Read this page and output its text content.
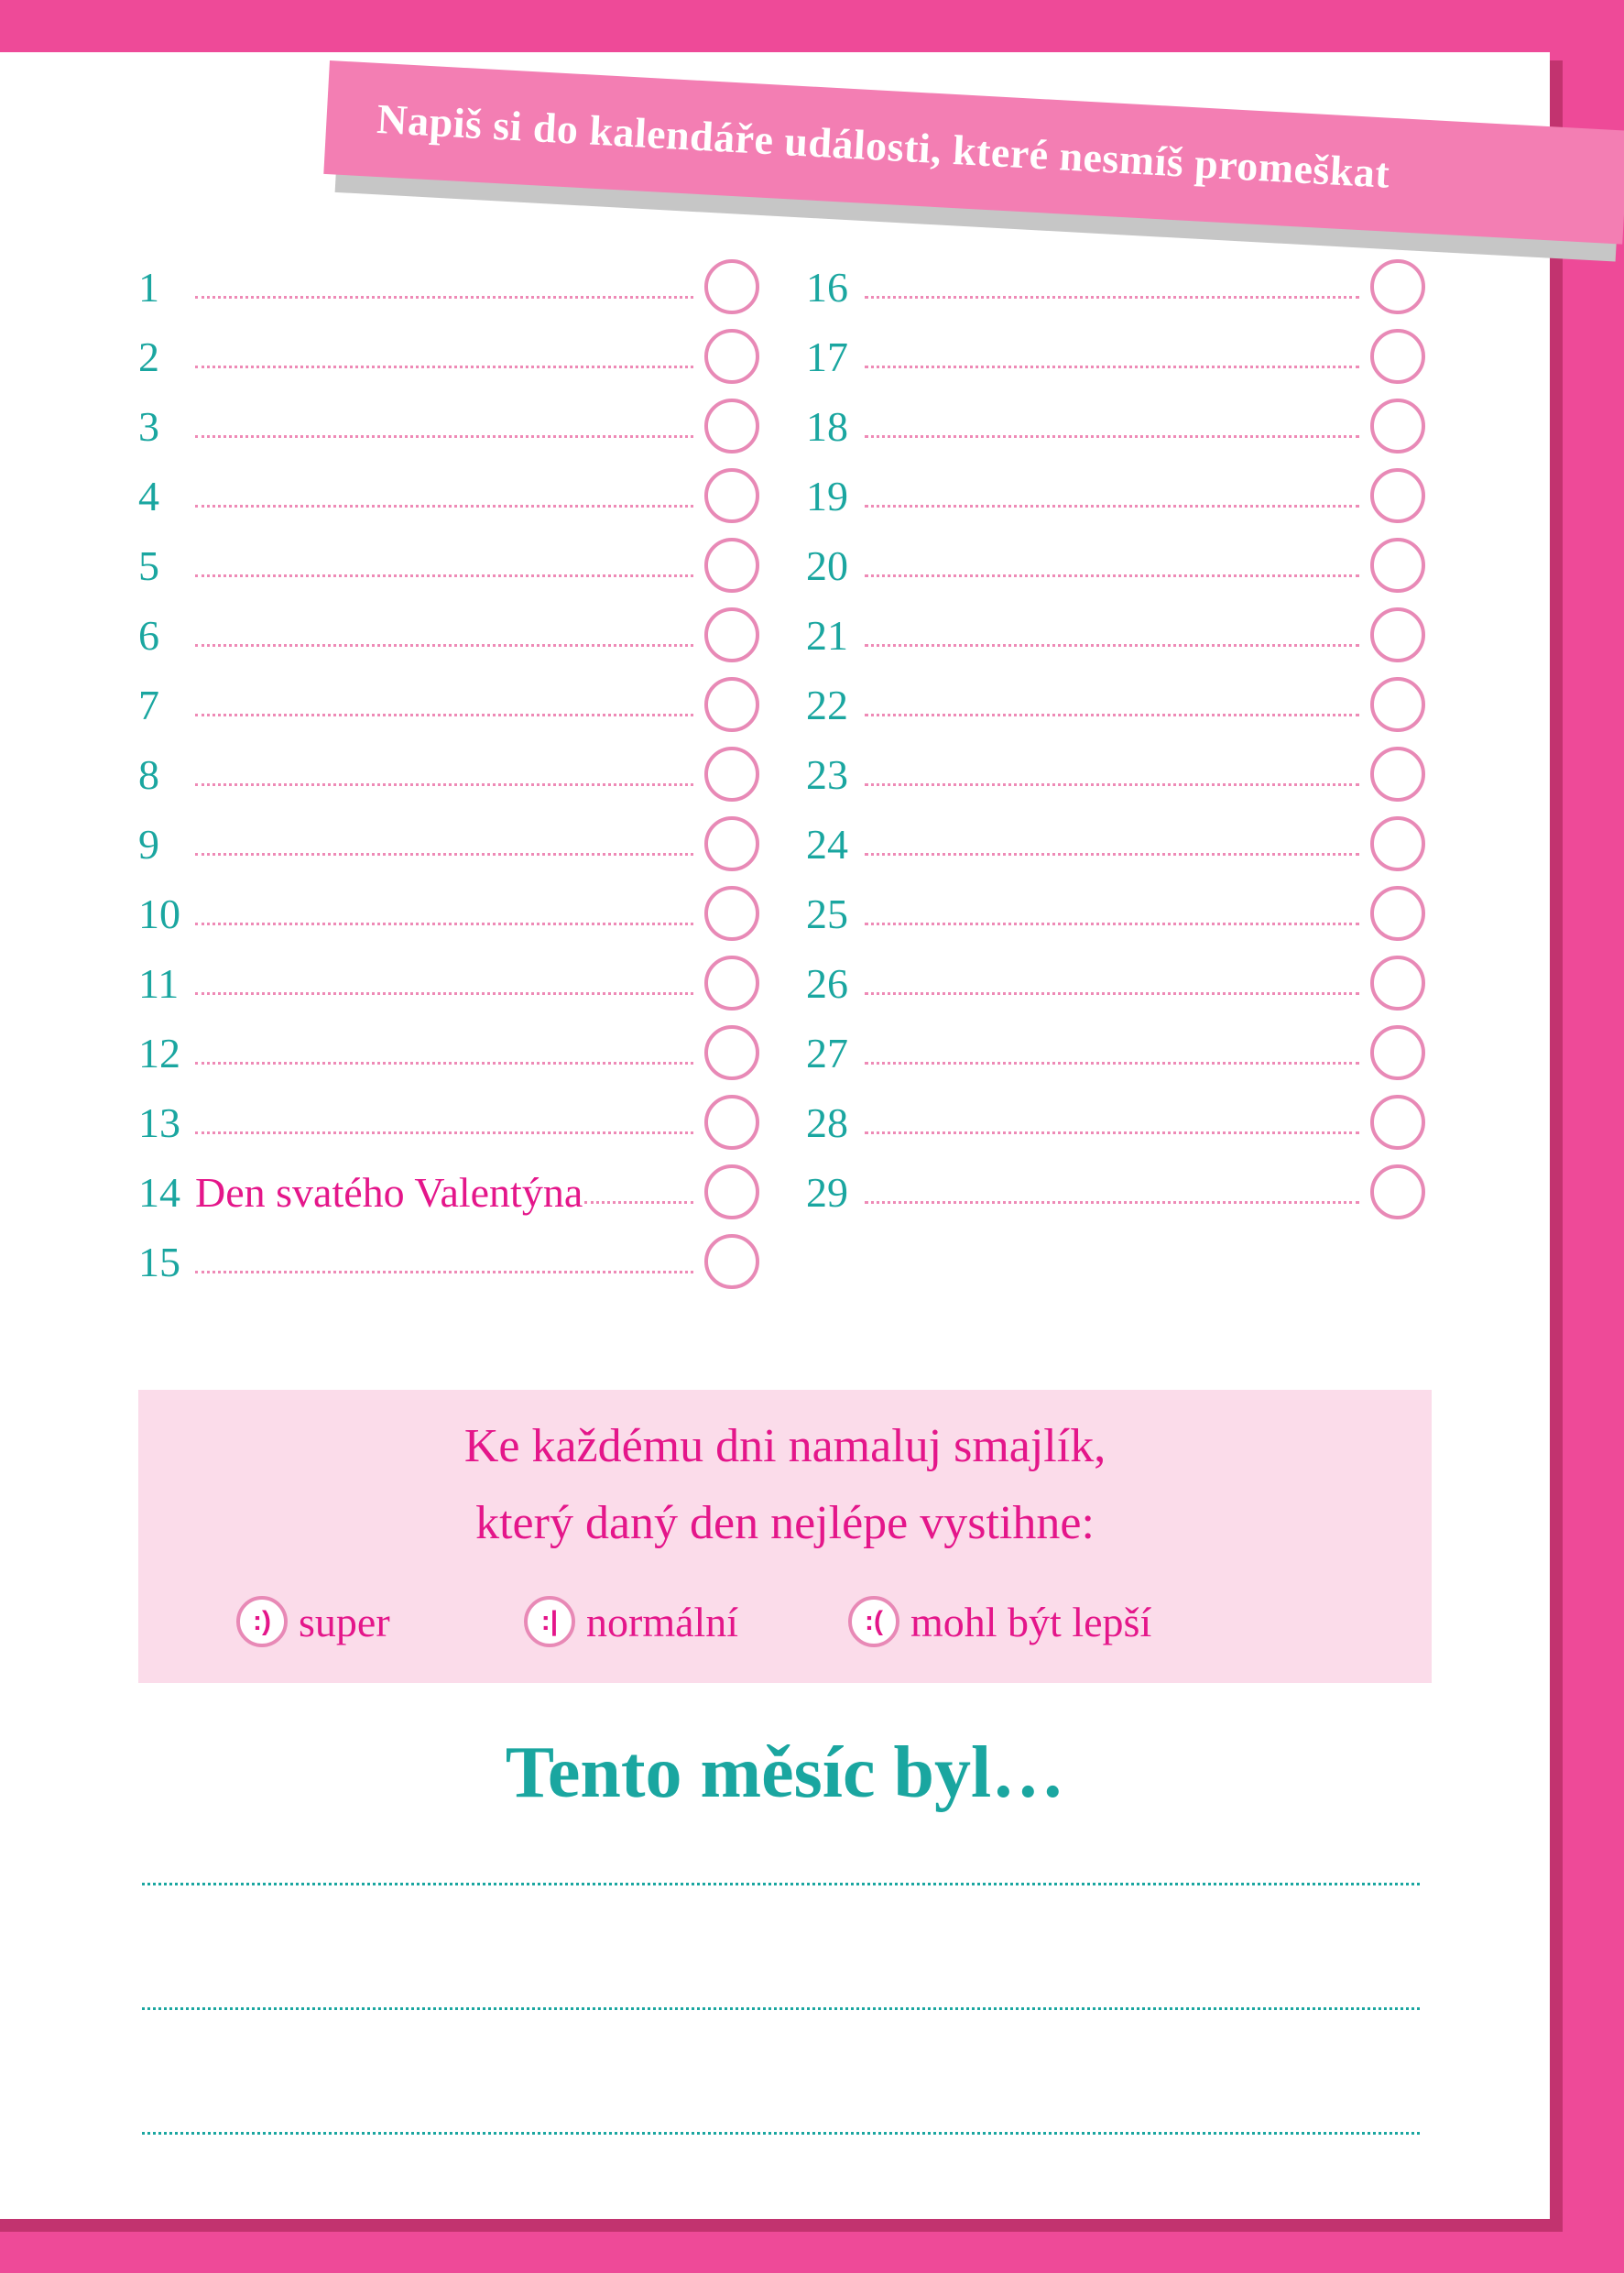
Napiš si do kalendáře události, které nesmíš promeškat
1
2
3
4
5
6
7
8
9
10
11
12
13
14 Den svatého Valentýna
15
16
17
18
19
20
21
22
23
24
25
26
27
28
29
Ke každému dni namaluj smajlík,
který daný den nejlépe vystihne:
:) super	:| normální	:( mohl být lepší
Tento měsíc byl…
